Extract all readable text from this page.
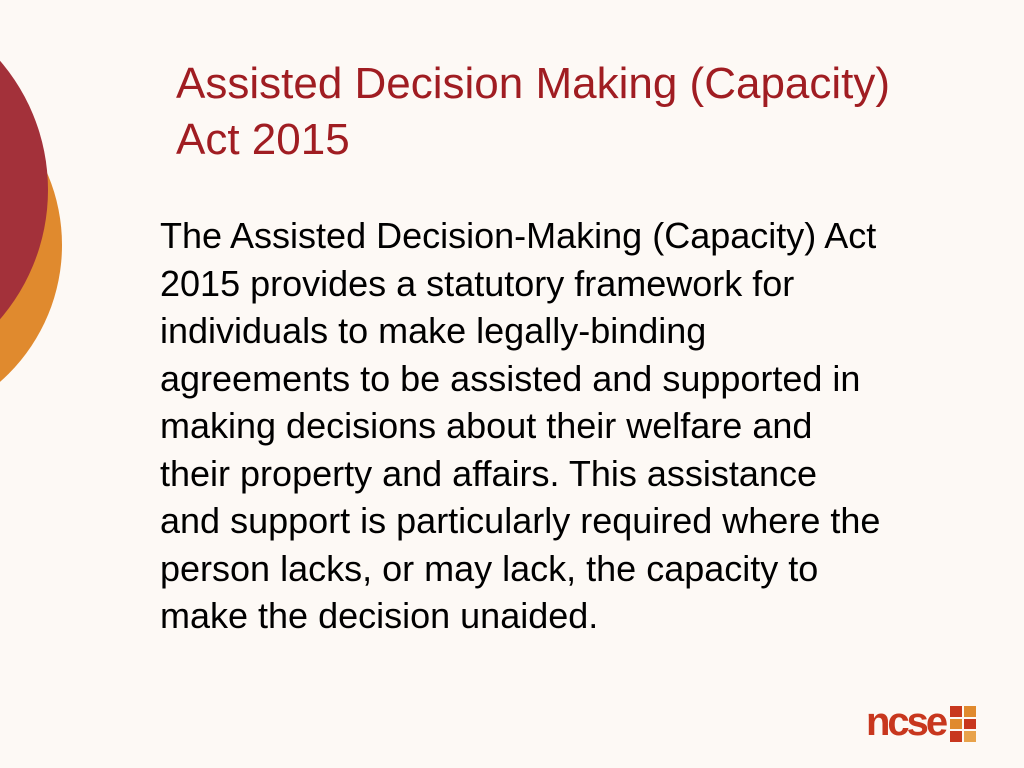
Assisted Decision Making (Capacity)
Act 2015

The Assisted Decision-Making (Capacity) Act
2015 provides a statutory framework for
individuals to make legally-binding
agreements to be assisted and supported in
making decisions about their welfare and
their property and affairs. This assistance
and support is particularly required where the
person lacks, or may lack, the capacity to
make the decision unaided.

ncse
